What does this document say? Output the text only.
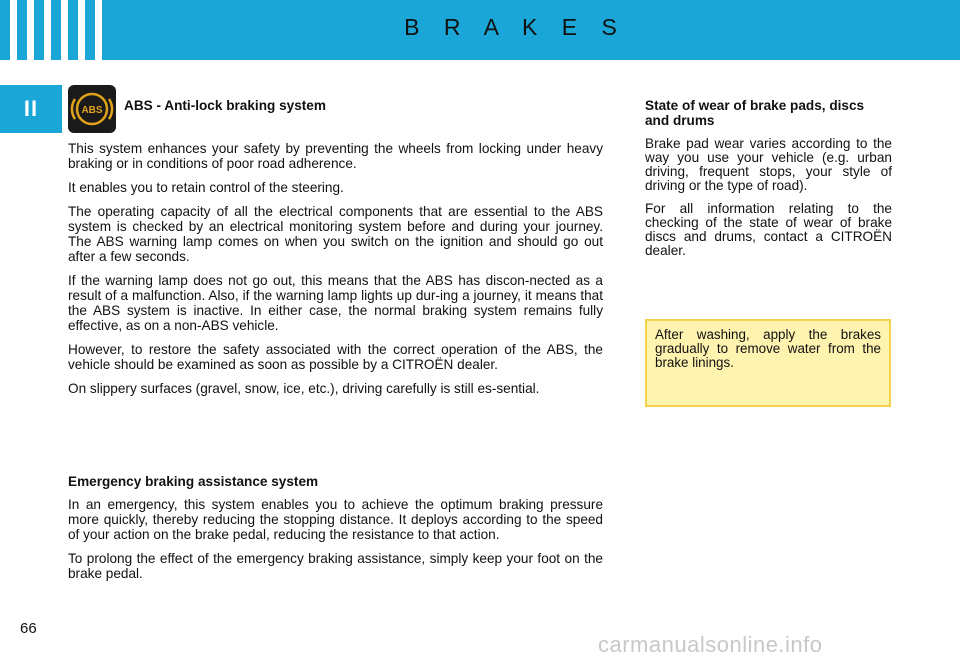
B R A K E S
II	ABS ABS - Anti-lock braking system

This system enhances your safety by preventing the wheels from locking under heavy braking or in conditions of poor road adherence.

It enables you to retain control of the steering.

The operating capacity of all the electrical components that are essential to the ABS system is checked by an electrical monitoring system before and during your journey. The ABS warning lamp comes on when you switch on the ignition and should go out after a few seconds.

If the warning lamp does not go out, this means that the ABS has discon-nected as a result of a malfunction. Also, if the warning lamp lights up dur-ing a journey, it means that the ABS system is inactive. In either case, the normal braking system remains fully effective, as on a non-ABS vehicle.

However, to restore the safety associated with the correct operation of the ABS, the vehicle should be examined as soon as possible by a CITROËN dealer.

On slippery surfaces (gravel, snow, ice, etc.), driving carefully is still es-sential.

Emergency braking assistance system

In an emergency, this system enables you to achieve the optimum braking pressure more quickly, thereby reducing the stopping distance. It deploys according to the speed of your action on the brake pedal, reducing the resistance to that action.

To prolong the effect of the emergency braking assistance, simply keep your foot on the brake pedal.

State of wear of brake pads, discs and drums

Brake pad wear varies according to the way you use your vehicle (e.g. urban driving, frequent stops, your style of driving or the type of road).

For all information relating to the checking of the state of wear of brake discs and drums, contact a CITROËN dealer.

After washing, apply the brakes gradually to remove water from the brake linings.

66
carmanualsonline.info
